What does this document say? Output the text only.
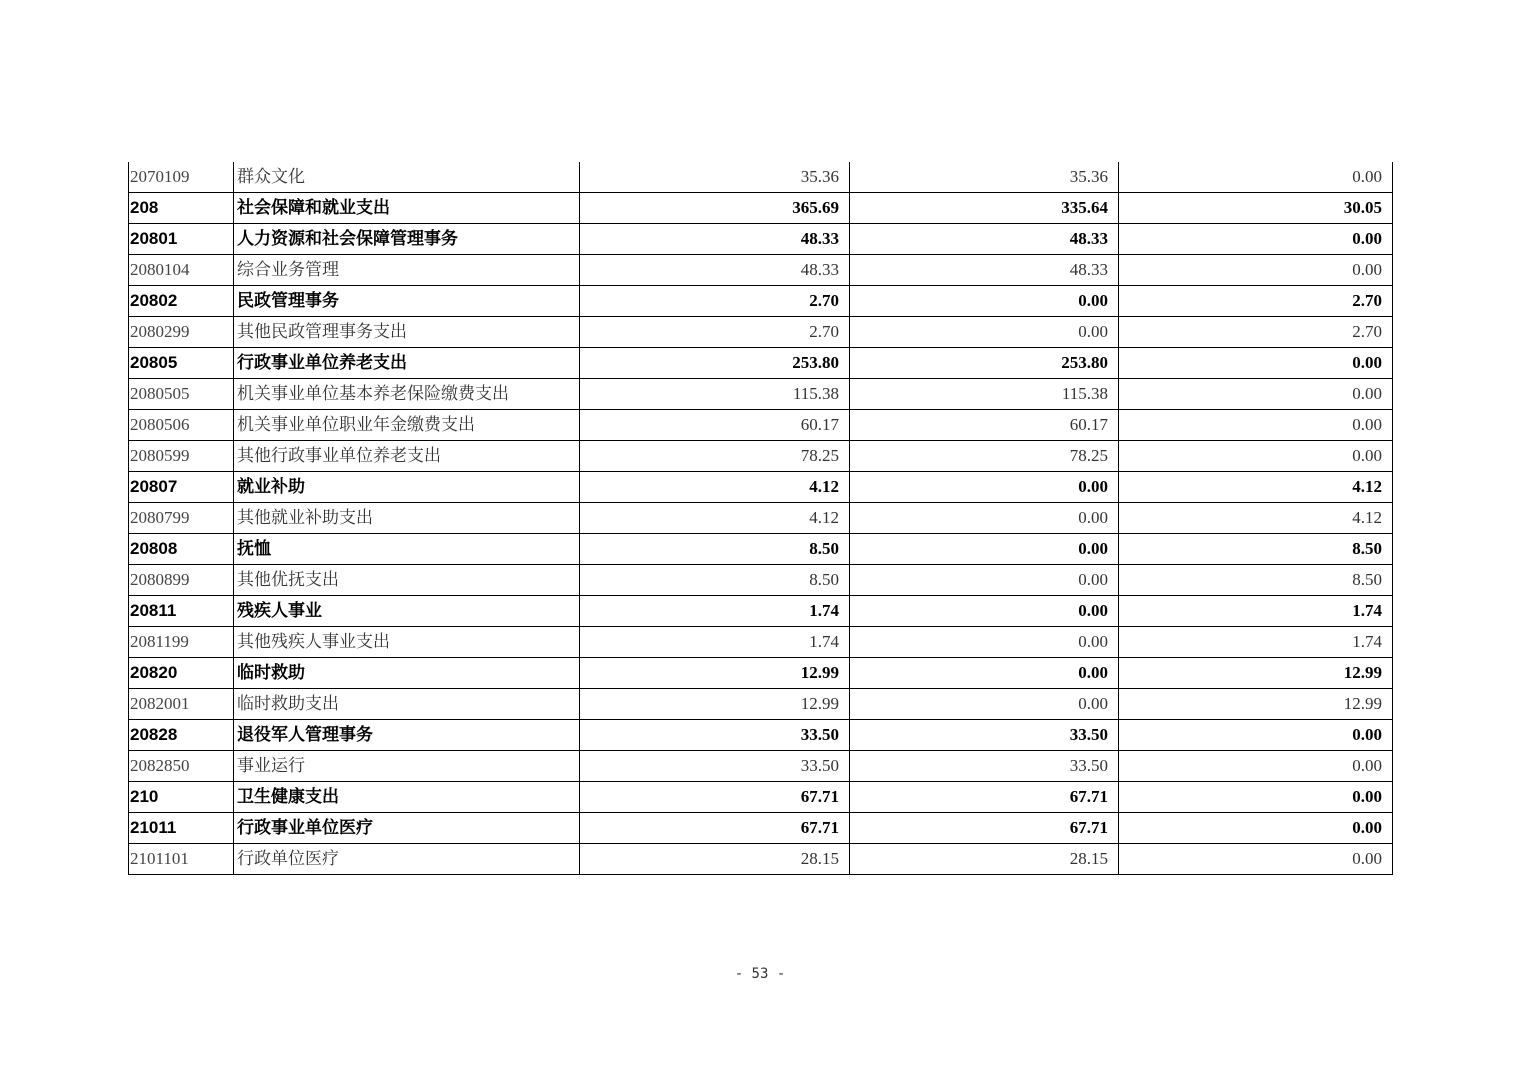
2070109	群众文化	35.36	35.36	0.00
208	社会保障和就业支出	365.69	335.64	30.05
20801	人力资源和社会保障管理事务	48.33	48.33	0.00
2080104	综合业务管理	48.33	48.33	0.00
20802	民政管理事务	2.70	0.00	2.70
2080299	其他民政管理事务支出	2.70	0.00	2.70
20805	行政事业单位养老支出	253.80	253.80	0.00
2080505	机关事业单位基本养老保险缴费支出	115.38	115.38	0.00
2080506	机关事业单位职业年金缴费支出	60.17	60.17	0.00
2080599	其他行政事业单位养老支出	78.25	78.25	0.00
20807	就业补助	4.12	0.00	4.12
2080799	其他就业补助支出	4.12	0.00	4.12
20808	抚恤	8.50	0.00	8.50
2080899	其他优抚支出	8.50	0.00	8.50
20811	残疾人事业	1.74	0.00	1.74
2081199	其他残疾人事业支出	1.74	0.00	1.74
20820	临时救助	12.99	0.00	12.99
2082001	临时救助支出	12.99	0.00	12.99
20828	退役军人管理事务	33.50	33.50	0.00
2082850	事业运行	33.50	33.50	0.00
210	卫生健康支出	67.71	67.71	0.00
21011	行政事业单位医疗	67.71	67.71	0.00
2101101	行政单位医疗	28.15	28.15	0.00
- 53 -
